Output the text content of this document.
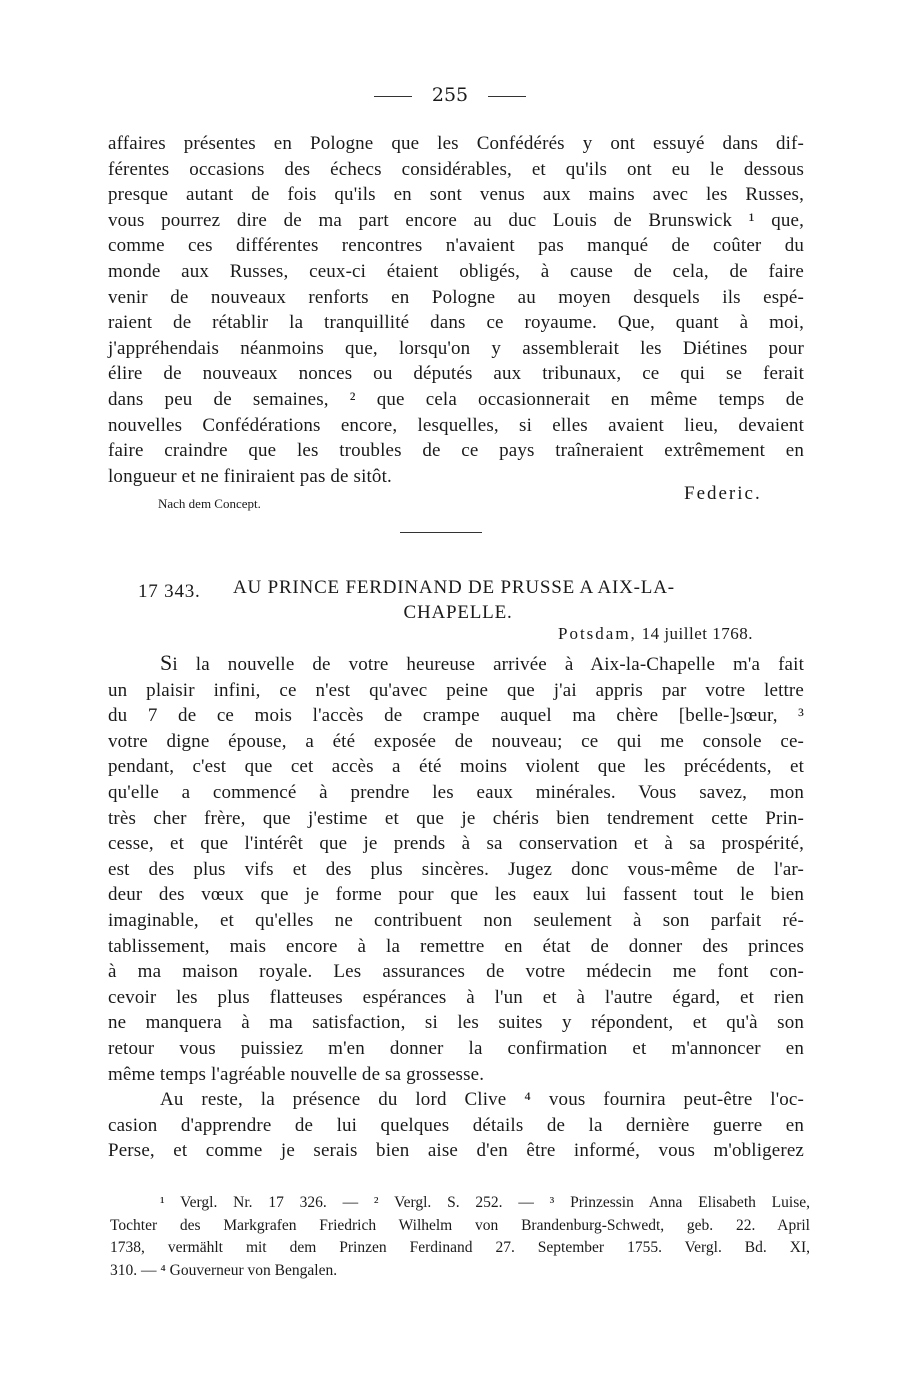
255
affaires présentes en Pologne que les Confédérés y ont essuyé dans dif-
férentes occasions des échecs considérables, et qu'ils ont eu le dessous
presque autant de fois qu'ils en sont venus aux mains avec les Russes,
vous pourrez dire de ma part encore au duc Louis de Brunswick ¹ que,
comme ces différentes rencontres n'avaient pas manqué de coûter du
monde aux Russes, ceux-ci étaient obligés, à cause de cela, de faire
venir de nouveaux renforts en Pologne au moyen desquels ils espé-
raient de rétablir la tranquillité dans ce royaume. Que, quant à moi,
j'appréhendais néanmoins que, lorsqu'on y assemblerait les Diétines pour
élire de nouveaux nonces ou députés aux tribunaux, ce qui se ferait
dans peu de semaines, ² que cela occasionnerait en même temps de
nouvelles Confédérations encore, lesquelles, si elles avaient lieu, devaient
faire craindre que les troubles de ce pays traîneraient extrêmement en
longueur et ne finiraient pas de sitôt.
Nach dem Concept.	Federic.
17 343. AU PRINCE FERDINAND DE PRUSSE A AIX-LA-
CHAPELLE.
Potsdam, 14 juillet 1768.
Si la nouvelle de votre heureuse arrivée à Aix-la-Chapelle m'a fait
un plaisir infini, ce n'est qu'avec peine que j'ai appris par votre lettre
du 7 de ce mois l'accès de crampe auquel ma chère [belle-]sœur, ³
votre digne épouse, a été exposée de nouveau; ce qui me console ce-
pendant, c'est que cet accès a été moins violent que les précédents, et
qu'elle a commencé à prendre les eaux minérales. Vous savez, mon
très cher frère, que j'estime et que je chéris bien tendrement cette Prin-
cesse, et que l'intérêt que je prends à sa conservation et à sa prospérité,
est des plus vifs et des plus sincères. Jugez donc vous-même de l'ar-
deur des vœux que je forme pour que les eaux lui fassent tout le bien
imaginable, et qu'elles ne contribuent non seulement à son parfait ré-
tablissement, mais encore à la remettre en état de donner des princes
à ma maison royale. Les assurances de votre médecin me font con-
cevoir les plus flatteuses espérances à l'un et à l'autre égard, et rien
ne manquera à ma satisfaction, si les suites y répondent, et qu'à son
retour vous puissiez m'en donner la confirmation et m'annoncer en
même temps l'agréable nouvelle de sa grossesse.
Au reste, la présence du lord Clive ⁴ vous fournira peut-être l'oc-
casion d'apprendre de lui quelques détails de la dernière guerre en
Perse, et comme je serais bien aise d'en être informé, vous m'obligerez
¹ Vergl. Nr. 17 326. — ² Vergl. S. 252. — ³ Prinzessin Anna Elisabeth Luise,
Tochter des Markgrafen Friedrich Wilhelm von Brandenburg-Schwedt, geb. 22. April
1738, vermählt mit dem Prinzen Ferdinand 27. September 1755. Vergl. Bd. XI,
310. — ⁴ Gouverneur von Bengalen.
